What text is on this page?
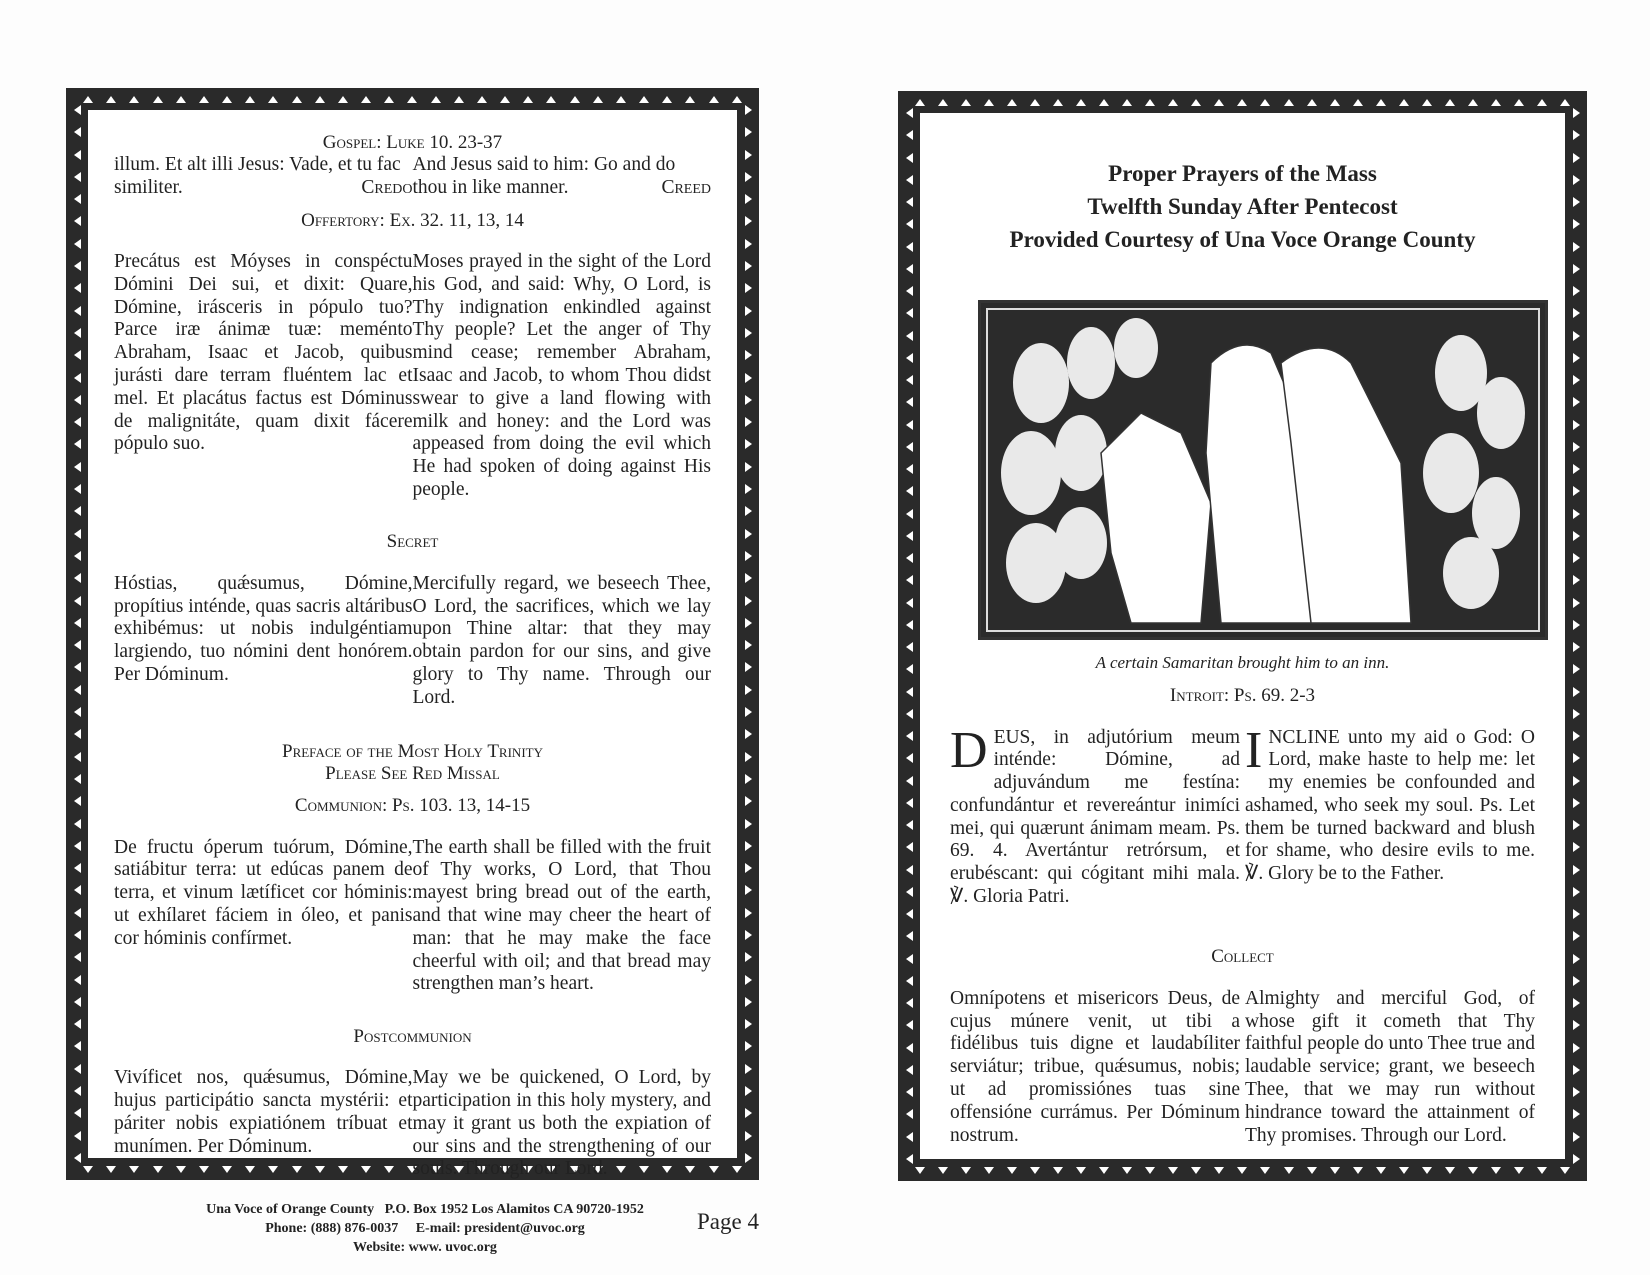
Gospel: Luke 10. 23-37
illum. Et alt illi Jesus: Vade, et tu fac similiter.	Credo
And Jesus said to him: Go and do thou in like manner.	Creed
Offertory: Ex. 32. 11, 13, 14

Precátus est Móyses in conspéctu Dómini Dei sui, et dixit: Quare, Dómine, irásceris in pópulo tuo? Parce iræ ánimæ tuæ: meménto Abraham, Isaac et Jacob, quibus jurásti dare terram fluéntem lac et mel. Et placátus factus est Dóminus de malignitáte, quam dixit fácere pópulo suo.

Moses prayed in the sight of the Lord his God, and said: Why, O Lord, is Thy indignation enkindled against Thy people? Let the anger of Thy mind cease; remember Abraham, Isaac and Jacob, to whom Thou didst swear to give a land flowing with milk and honey: and the Lord was appeased from doing the evil which He had spoken of doing against His people.

Secret

Hóstias, quǽsumus, Dómine, propítius inténde, quas sacris altáribus exhibémus: ut nobis indulgéntiam largiendo, tuo nómini dent honórem. Per Dóminum.

Mercifully regard, we beseech Thee, O Lord, the sacrifices, which we lay upon Thine altar: that they may obtain pardon for our sins, and give glory to Thy name. Through our Lord.

Preface of the Most Holy Trinity
Please See Red Missal
Communion: Ps. 103. 13, 14-15

De fructu óperum tuórum, Dómine, satiábitur terra: ut edúcas panem de terra, et vinum lætíficet cor hóminis: ut exhílaret fáciem in óleo, et panis cor hóminis confírmet.

The earth shall be filled with the fruit of Thy works, O Lord, that Thou mayest bring bread out of the earth, and that wine may cheer the heart of man: that he may make the face cheerful with oil; and that bread may strengthen man’s heart.

Postcommunion

Vivíficet nos, quǽsumus, Dómine, hujus participátio sancta mystérii: et páriter nobis expiatiónem tríbuat et munímen. Per Dóminum.

May we be quickened, O Lord, by participation in this holy mystery, and may it grant us both the expiation of our sins and the strengthening of our souls. Through our Lord.

Una Voce of Orange County   P.O. Box 1952 Los Alamitos CA 90720-1952
Phone: (888) 876-0037     E-mail: president@uvoc.org
Website: www. uvoc.org
Page 4
Proper Prayers of the Mass
Twelfth Sunday After Pentecost
Provided Courtesy of Una Voce Orange County
A certain Samaritan brought him to an inn.
Introit: Ps. 69. 2-3

DEUS, in adjutórium meum inténde: Dómine, ad adjuvándum me festína: confundántur et revereántur inimíci mei, qui quærunt ánimam meam. Ps. 69. 4. Avertántur retrórsum, et erubéscant: qui cógitant mihi mala. ℣. Gloria Patri.

INCLINE unto my aid o God: O Lord, make haste to help me: let my enemies be confounded and ashamed, who seek my soul. Ps. Let them be turned backward and blush for shame, who desire evils to me. ℣. Glory be to the Father.

Collect

Omnípotens et misericors Deus, de cujus múnere venit, ut tibi a fidélibus tuis digne et laudabíliter serviátur; tribue, quǽsumus, nobis; ut ad promissiónes tuas sine offensióne currámus. Per Dóminum nostrum.

Almighty and merciful God, of whose gift it cometh that Thy faithful people do unto Thee true and laudable service; grant, we beseech Thee, that we may run without hindrance toward the attainment of Thy promises. Through our Lord.
